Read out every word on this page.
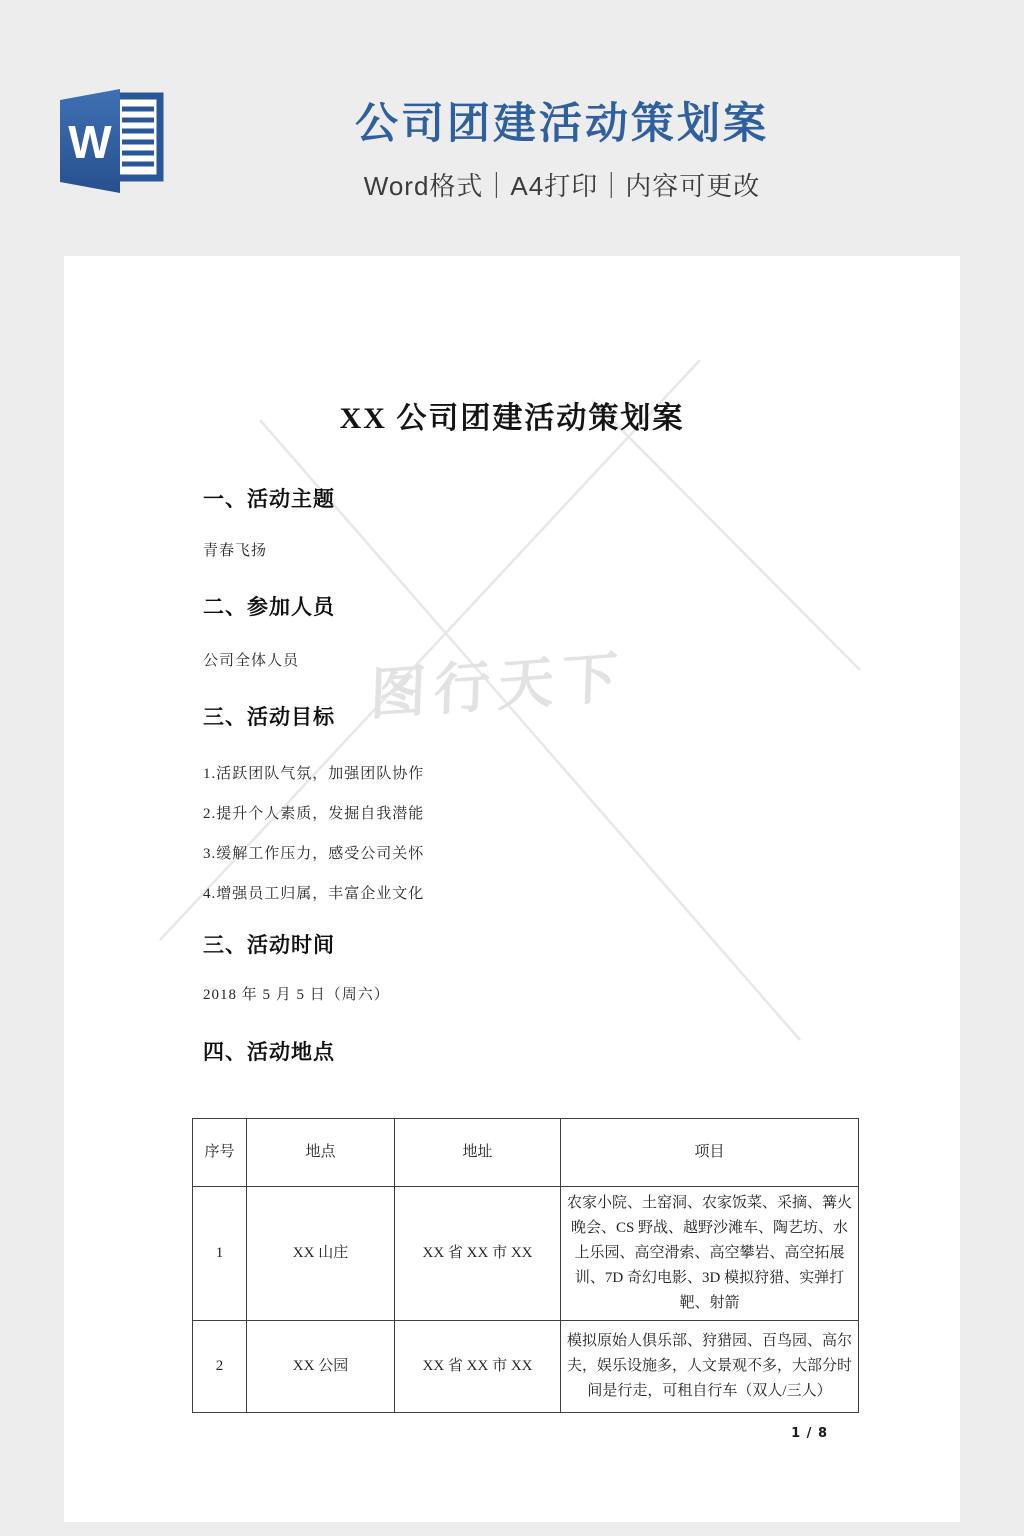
W	公司团建活动策划案
Word格式｜A4打印｜内容可更改
图行天下
XX 公司团建活动策划案
一、活动主题

青春飞扬

二、参加人员

公司全体人员

三、活动目标

1.活跃团队气氛，加强团队协作

2.提升个人素质，发掘自我潜能

3.缓解工作压力，感受公司关怀

4.增强员工归属，丰富企业文化

三、活动时间

2018 年 5 月 5 日（周六）

四、活动地点
序号	地点	地址	项目
1	XX 山庄	XX 省 XX 市 XX	农家小院、土窑洞、农家饭菜、采摘、篝火晚会、CS 野战、越野沙滩车、陶艺坊、水上乐园、高空滑索、高空攀岩、高空拓展训、7D 奇幻电影、3D 模拟狩猎、实弹打靶、射箭
2	XX 公园	XX 省 XX 市 XX	模拟原始人俱乐部、狩猎园、百鸟园、高尔夫，娱乐设施多，人文景观不多，大部分时间是行走，可租自行车（双人/三人）
1 / 8
